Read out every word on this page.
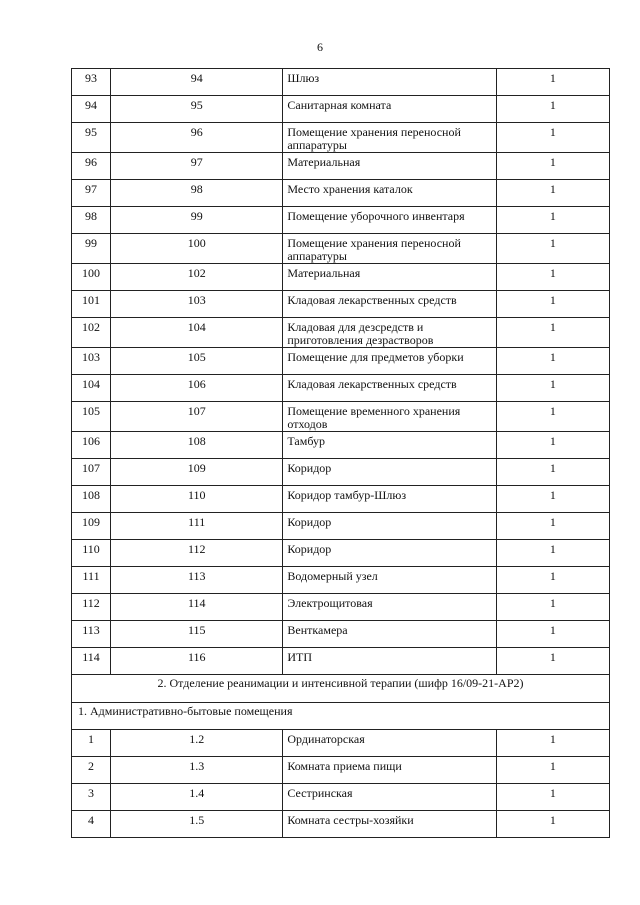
6
93	94	Шлюз	1

94	95	Санитарная комната	1

95	96	Помещение хранения переносной аппаратуры	1

96	97	Материальная	1

97	98	Место хранения каталок	1

98	99	Помещение уборочного инвентаря	1

99	100	Помещение хранения переносной аппаратуры	1

100	102	Материальная	1

101	103	Кладовая лекарственных средств	1

102	104	Кладовая для дезсредств и приготовления дезрастворов	1

103	105	Помещение для предметов уборки	1

104	106	Кладовая лекарственных средств	1

105	107	Помещение временного хранения отходов	1

106	108	Тамбур	1

107	109	Коридор	1

108	110	Коридор тамбур-Шлюз	1

109	111	Коридор	1

110	112	Коридор	1

111	113	Водомерный узел	1

112	114	Электрощитовая	1

113	115	Венткамера	1

114	116	ИТП	1

2. Отделение реанимации и интенсивной терапии (шифр 16/09-21-АР2)			

1. Административно-бытовые помещения			

1	1.2	Ординаторская	1

2	1.3	Комната приема пищи	1

3	1.4	Сестринская	1

4	1.5	Комната сестры-хозяйки	1
